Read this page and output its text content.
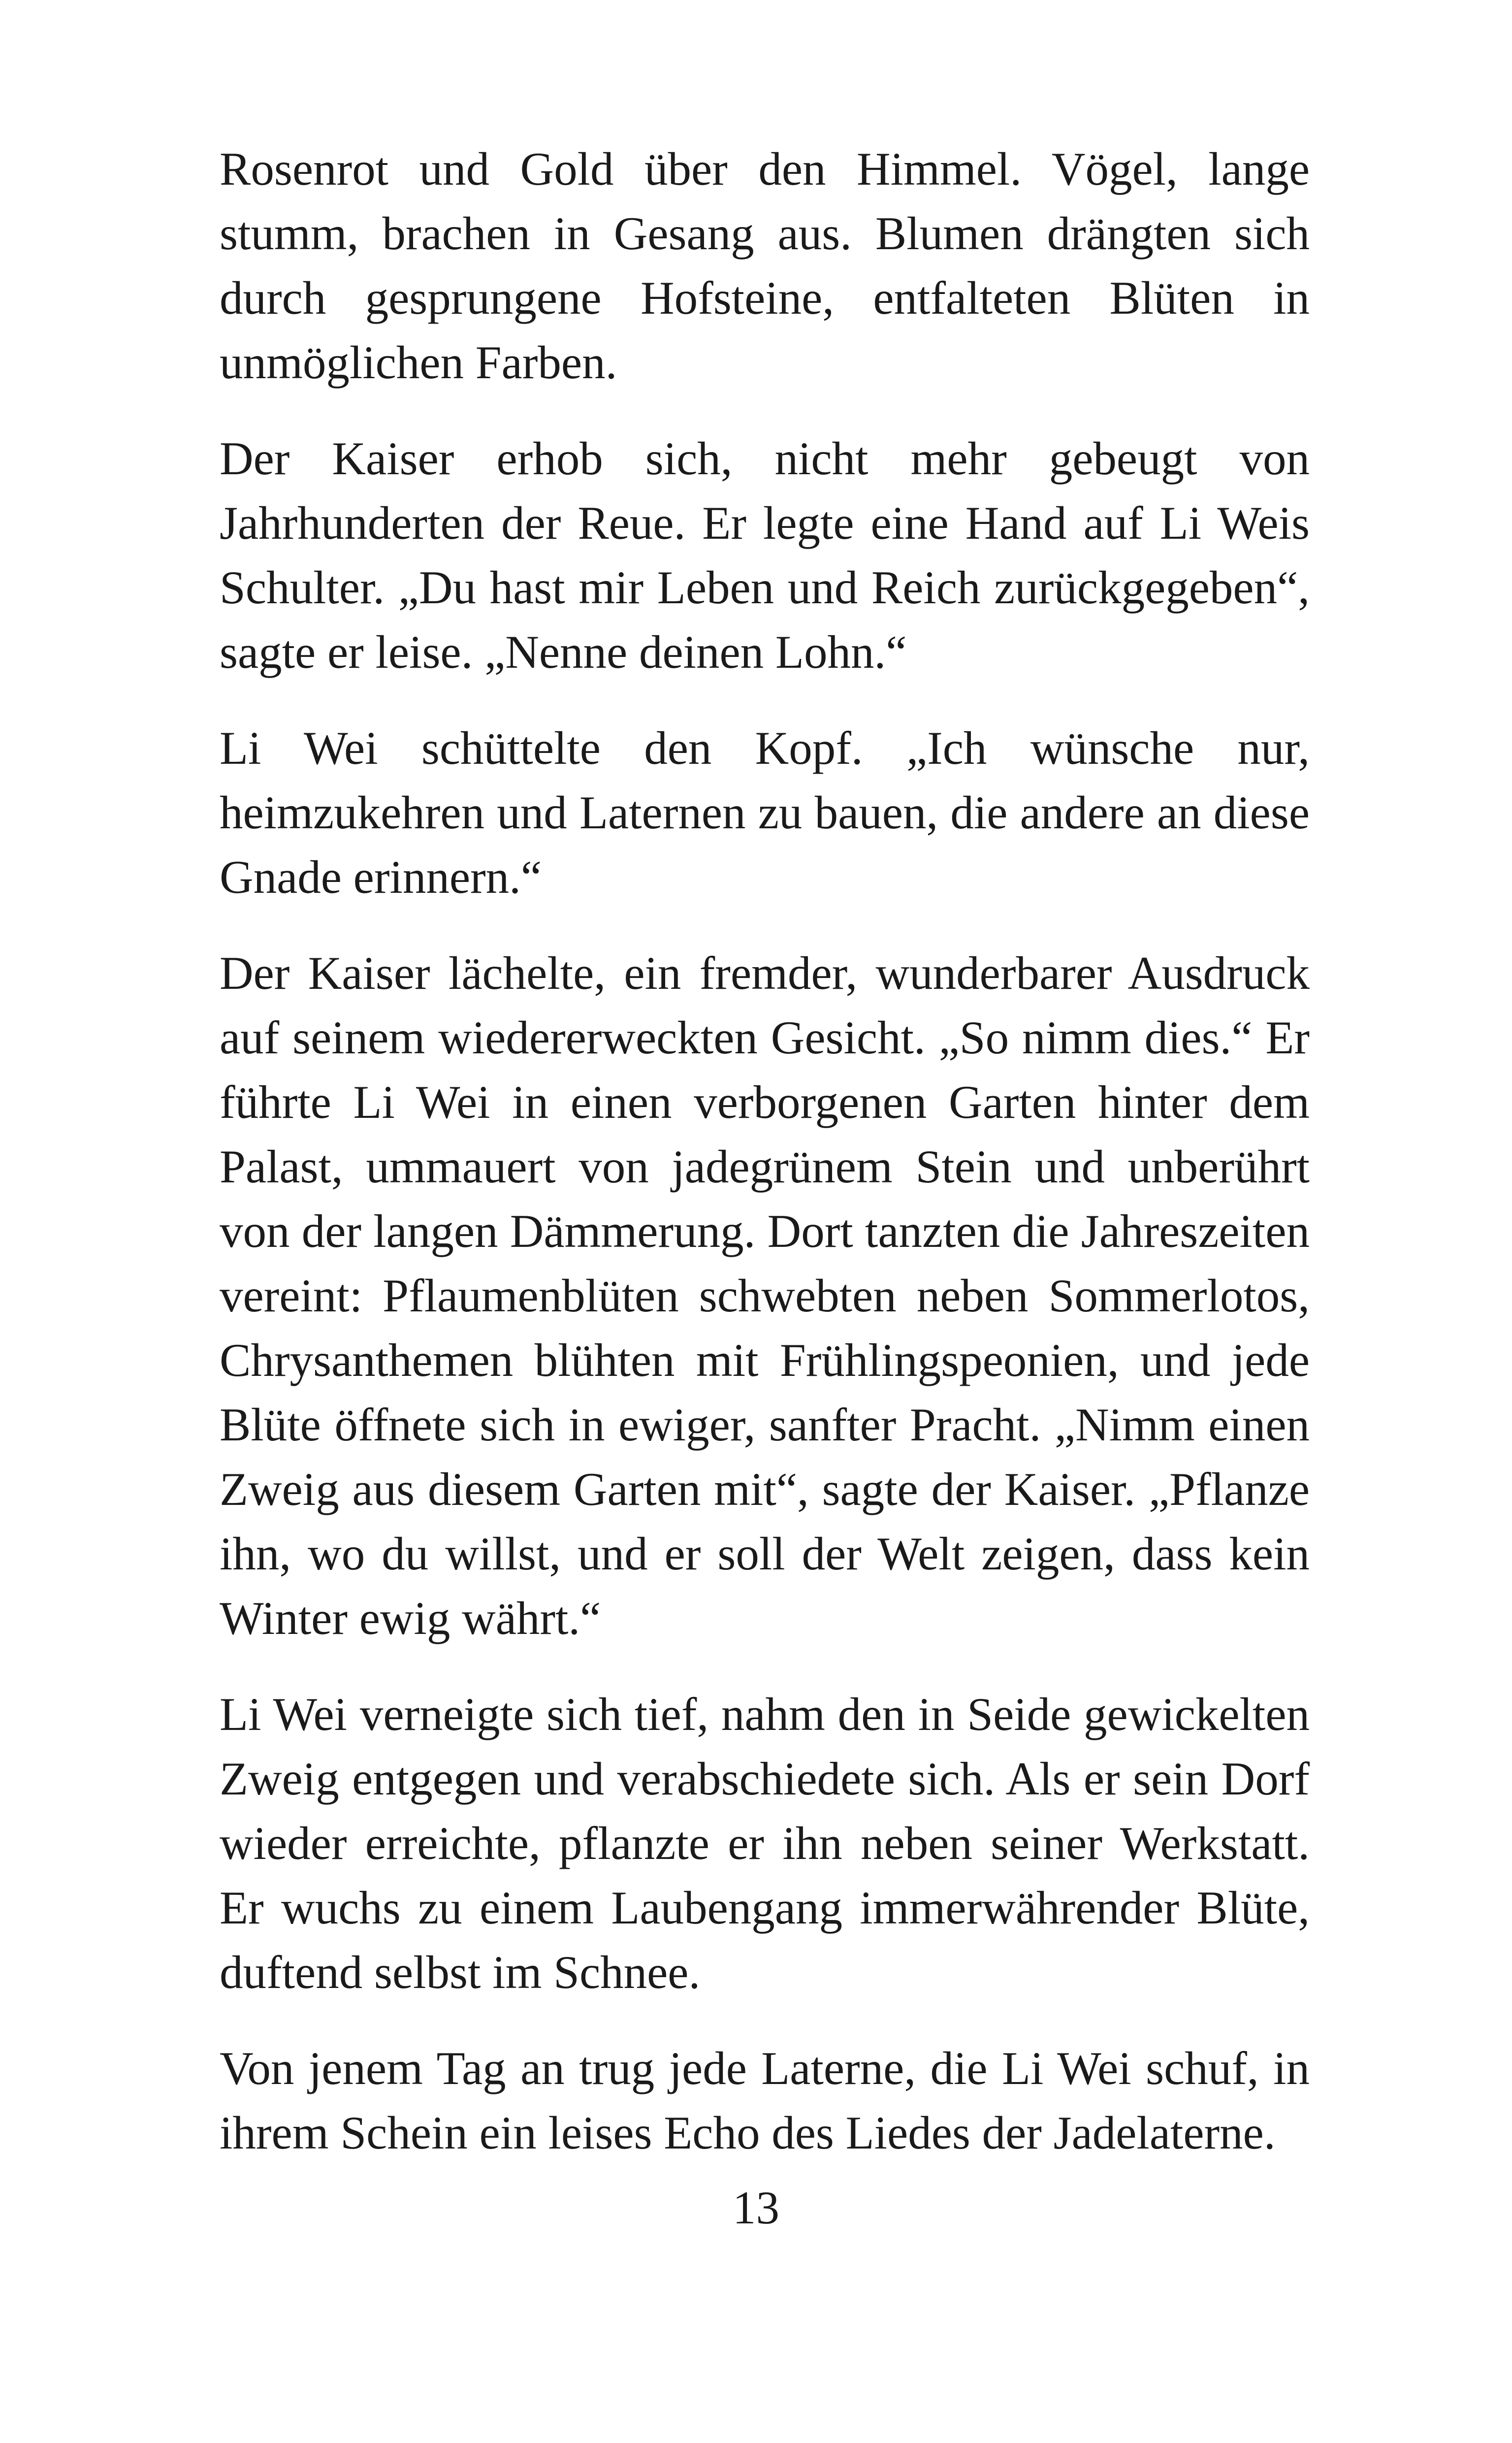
Rosenrot und Gold über den Himmel. Vögel, lange stumm, brachen in Gesang aus. Blumen drängten sich durch gesprungene Hofsteine, entfalteten Blüten in unmöglichen Farben.

Der Kaiser erhob sich, nicht mehr gebeugt von Jahrhunderten der Reue. Er legte eine Hand auf Li Weis Schulter. „Du hast mir Leben und Reich zurückgegeben“, sagte er leise. „Nenne deinen Lohn.“

Li Wei schüttelte den Kopf. „Ich wünsche nur, heimzukehren und Laternen zu bauen, die andere an diese Gnade erinnern.“

Der Kaiser lächelte, ein fremder, wunderbarer Ausdruck auf seinem wiedererweckten Gesicht. „So nimm dies.“ Er führte Li Wei in einen verborgenen Garten hinter dem Palast, ummauert von jadegrünem Stein und unberührt von der langen Dämmerung. Dort tanzten die Jahreszeiten vereint: Pflaumenblüten schwebten neben Sommerlotos, Chrysanthemen blühten mit Frühlingspeonien, und jede Blüte öffnete sich in ewiger, sanfter Pracht. „Nimm einen Zweig aus diesem Garten mit“, sagte der Kaiser. „Pflanze ihn, wo du willst, und er soll der Welt zeigen, dass kein Winter ewig währt.“

Li Wei verneigte sich tief, nahm den in Seide gewickelten Zweig entgegen und verabschiedete sich. Als er sein Dorf wieder erreichte, pflanzte er ihn neben seiner Werkstatt. Er wuchs zu einem Laubengang immerwährender Blüte, duftend selbst im Schnee.

Von jenem Tag an trug jede Laterne, die Li Wei schuf, in ihrem Schein ein leises Echo des Liedes der Jadelaterne.

13
